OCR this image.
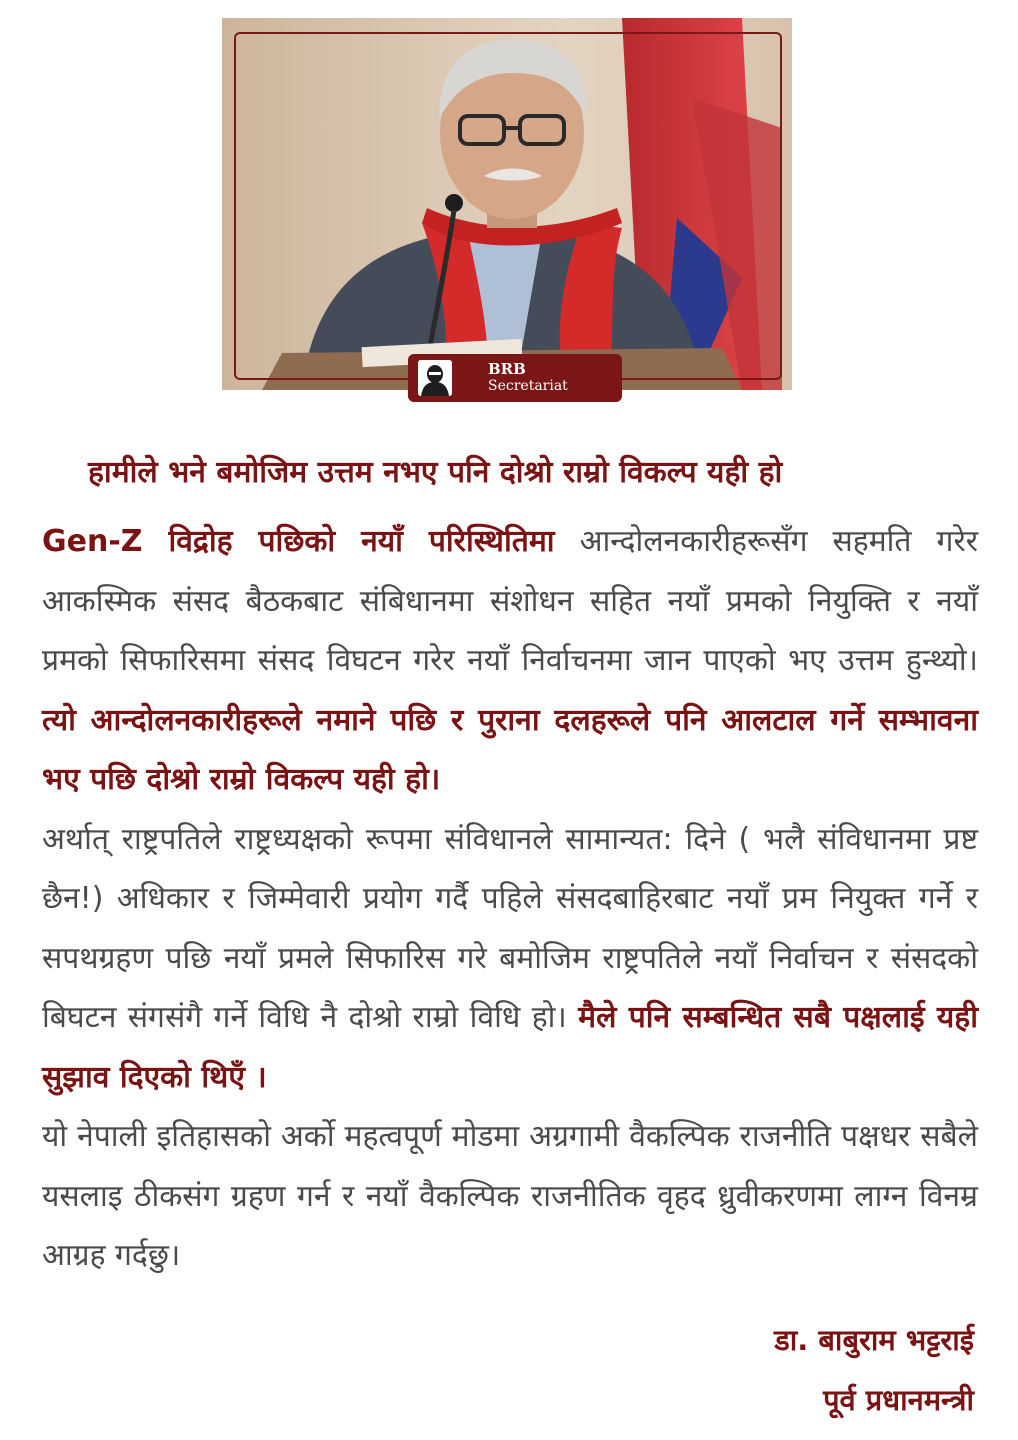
BRB
Secretariat
हामीले भने बमोजिम उत्तम नभए पनि दोश्रो राम्रो विकल्प यही हो

Gen-Z विद्रोह पछिको नयाँ परिस्थितिमा आन्दोलनकारीहरूसँग सहमति गरेर आकस्मिक संसद बैठकबाट संबिधानमा संशोधन सहित नयाँ प्रमको नियुक्ति र नयाँ प्रमको सिफारिसमा संसद विघटन गरेर नयाँ निर्वाचनमा जान पाएको भए उत्तम हुन्थ्यो। त्यो आन्दोलनकारीहरूले नमाने पछि र पुराना दलहरूले पनि आलटाल गर्ने सम्भावना भए पछि दोश्रो राम्रो विकल्प यही हो।

अर्थात् राष्ट्रपतिले राष्ट्रध्यक्षको रूपमा संविधानले सामान्यत: दिने ( भलै संविधानमा प्रष्ट छैन!) अधिकार र जिम्मेवारी प्रयोग गर्दै पहिले संसदबाहिरबाट नयाँ प्रम नियुक्त गर्ने र सपथग्रहण पछि नयाँ प्रमले सिफारिस गरे बमोजिम राष्ट्रपतिले नयाँ निर्वाचन र संसदको बिघटन संगसंगै गर्ने विधि नै दोश्रो राम्रो विधि हो। मैले पनि सम्बन्धित सबै पक्षलाई यही सुझाव दिएको थिएँ ।

यो नेपाली इतिहासको अर्को महत्वपूर्ण मोडमा अग्रगामी वैकल्पिक राजनीति पक्षधर सबैले यसलाइ ठीकसंग ग्रहण गर्न र नयाँ वैकल्पिक राजनीतिक वृहद ध्रुवीकरणमा लाग्न विनम्र आग्रह गर्दछु।

डा. बाबुराम भट्टराई
पूर्व प्रधानमन्त्री
